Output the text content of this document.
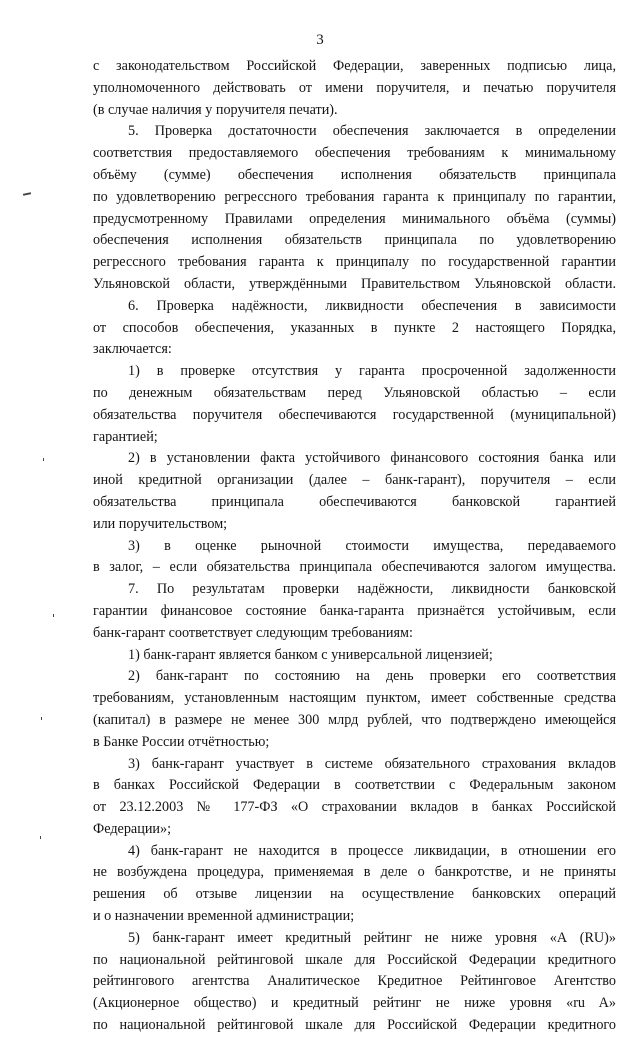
3
с законодательством Российской Федерации, заверенных подписью лица,
уполномоченного действовать от имени поручителя, и печатью поручителя
(в случае наличия у поручителя печати).
5. Проверка достаточности обеспечения заключается в определении
соответствия предоставляемого обеспечения требованиям к минимальному
объёму (сумме) обеспечения исполнения обязательств принципала
по удовлетворению регрессного требования гаранта к принципалу по гарантии,
предусмотренному Правилами определения минимального объёма (суммы)
обеспечения исполнения обязательств принципала по удовлетворению
регрессного требования гаранта к принципалу по государственной гарантии
Ульяновской области, утверждёнными Правительством Ульяновской области.
6. Проверка надёжности, ликвидности обеспечения в зависимости
от способов обеспечения, указанных в пункте 2 настоящего Порядка,
заключается:
1) в проверке отсутствия у гаранта просроченной задолженности
по денежным обязательствам перед Ульяновской областью – если
обязательства поручителя обеспечиваются государственной (муниципальной)
гарантией;
2) в установлении факта устойчивого финансового состояния банка или
иной кредитной организации (далее – банк-гарант), поручителя – если
обязательства принципала обеспечиваются банковской гарантией
или поручительством;
3) в оценке рыночной стоимости имущества, передаваемого
в залог, – если обязательства принципала обеспечиваются залогом имущества.
7. По результатам проверки надёжности, ликвидности банковской
гарантии финансовое состояние банка-гаранта признаётся устойчивым, если
банк-гарант соответствует следующим требованиям:
1) банк-гарант является банком с универсальной лицензией;
2) банк-гарант по состоянию на день проверки его соответствия
требованиям, установленным настоящим пунктом, имеет собственные средства
(капитал) в размере не менее 300 млрд рублей, что подтверждено имеющейся
в Банке России отчётностью;
3) банк-гарант участвует в системе обязательного страхования вкладов
в банках Российской Федерации в соответствии с Федеральным законом
от 23.12.2003 № 177-ФЗ «О страховании вкладов в банках Российской
Федерации»;
4) банк-гарант не находится в процессе ликвидации, в отношении его
не возбуждена процедура, применяемая в деле о банкротстве, и не приняты
решения об отзыве лицензии на осуществление банковских операций
и о назначении временной администрации;
5) банк-гарант имеет кредитный рейтинг не ниже уровня «А (RU)»
по национальной рейтинговой шкале для Российской Федерации кредитного
рейтингового агентства Аналитическое Кредитное Рейтинговое Агентство
(Акционерное общество) и кредитный рейтинг не ниже уровня «ru A»
по национальной рейтинговой шкале для Российской Федерации кредитного
